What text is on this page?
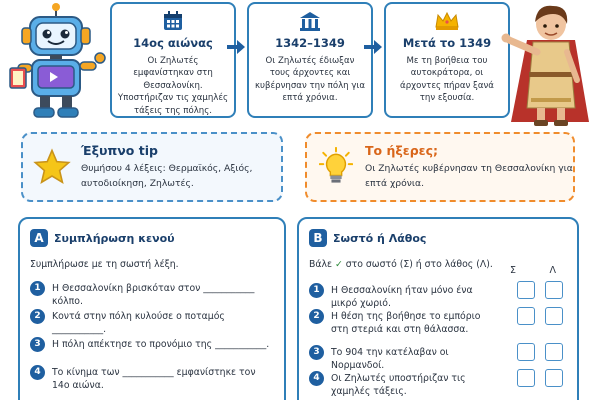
14ος αιώνας
Οι Ζηλωτές εμφανίστηκαν στη Θεσσαλονίκη. Υποστήριζαν τις χαμηλές τάξεις της πόλης.
1342–1349
Οι Ζηλωτές έδιωξαν τους άρχοντες και κυβέρνησαν την πόλη για επτά χρόνια.
Μετά το 1349
Με τη βοήθεια του αυτοκράτορα, οι άρχοντες πήραν ξανά την εξουσία.
Έξυπνο tip
Θυμήσου 4 λέξεις: Θερμαϊκός, Αξιός, αυτοδιοίκηση, Ζηλωτές.
Το ήξερες;
Οι Ζηλωτές κυβέρνησαν τη Θεσσαλονίκη για επτά χρόνια.
A Συμπλήρωση κενού
Συμπλήρωσε με τη σωστή λέξη.
1	Η Θεσσαλονίκη βρισκόταν στον ___________ κόλπο.
2	Κοντά στην πόλη κυλούσε ο ποταμός ___________.
3	Η πόλη απέκτησε το προνόμιο της ___________.
4	Το κίνημα των ___________ εμφανίστηκε τον 14ο αιώνα.
B Σωστό ή Λάθος
Βάλε ✓ στο σωστό (Σ) ή στο λάθος (Λ).
Σ	Λ
1	Η Θεσσαλονίκη ήταν μόνο ένα μικρό χωριό.
2	Η θέση της βοήθησε το εμπόριο στη στεριά και στη θάλασσα.
3	Το 904 την κατέλαβαν οι Νορμανδοί.
4	Οι Ζηλωτές υποστήριζαν τις χαμηλές τάξεις.
